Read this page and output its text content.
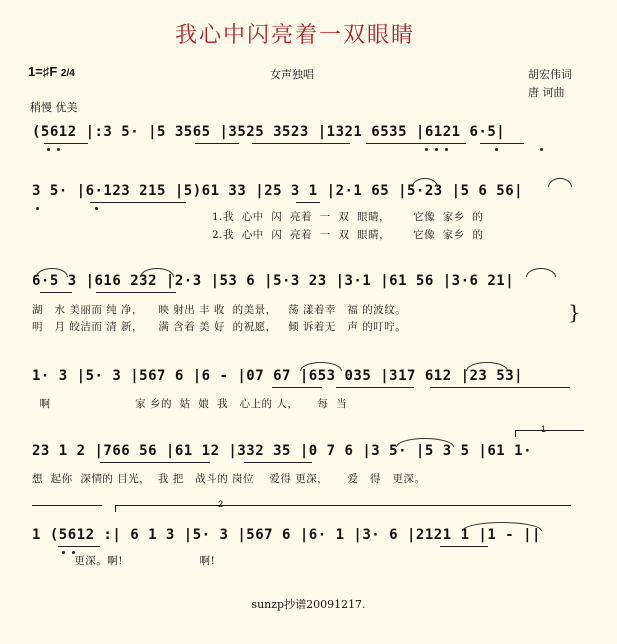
我心中闪亮着一双眼睛
1=♯F 2/4	女声独唱	胡宏伟词
唐 诃曲
稍慢 优美
(5612 |:3 5· |5 3565 |3525 3523 |1321 6535 |6121 6·5|
3 5· |6·123 215 |5)61 33 |25 3 1 |2·1 65 |5·23 |5 6 56|
1.我  心中  闪  亮着  一  双  眼睛，      它像  家乡  的
2.我  心中  闪  亮着  一  双  眼睛，      它像  家乡  的
6·5 3 |616 232 |2·3 |53 6 |5·3 23 |3·1 |61 56 |3·6 21|
湖   水 美丽而 纯 净，    映 射出 丰 收  的美景，   荡 漾着幸   福 的波纹。
明   月 皎洁而 清 新，    满 含着 美 好  的祝愿，   倾 诉着无   声 的叮咛。
}
1· 3 |5· 3 |567 6 |6 - |07 67 |653 035 |317 612 |23 53|
啊                      家 乡的  姑  娘  我   心上的 人，     每  当
1
23 1 2 |766 56 |61 12 |332 35 |0 7 6 |3 5· |5 3 5 |61 1·
想  起你  深情的 目光，  我 把   战斗的 岗位    爱得 更深，     爱   得   更深。
2
1 (5612 :| 6 1 3 |5· 3 |567 6 |6· 1 |3· 6 |2121 1 |1 - ||
更深。啊!                    啊!
sunzp抄谱20091217.
